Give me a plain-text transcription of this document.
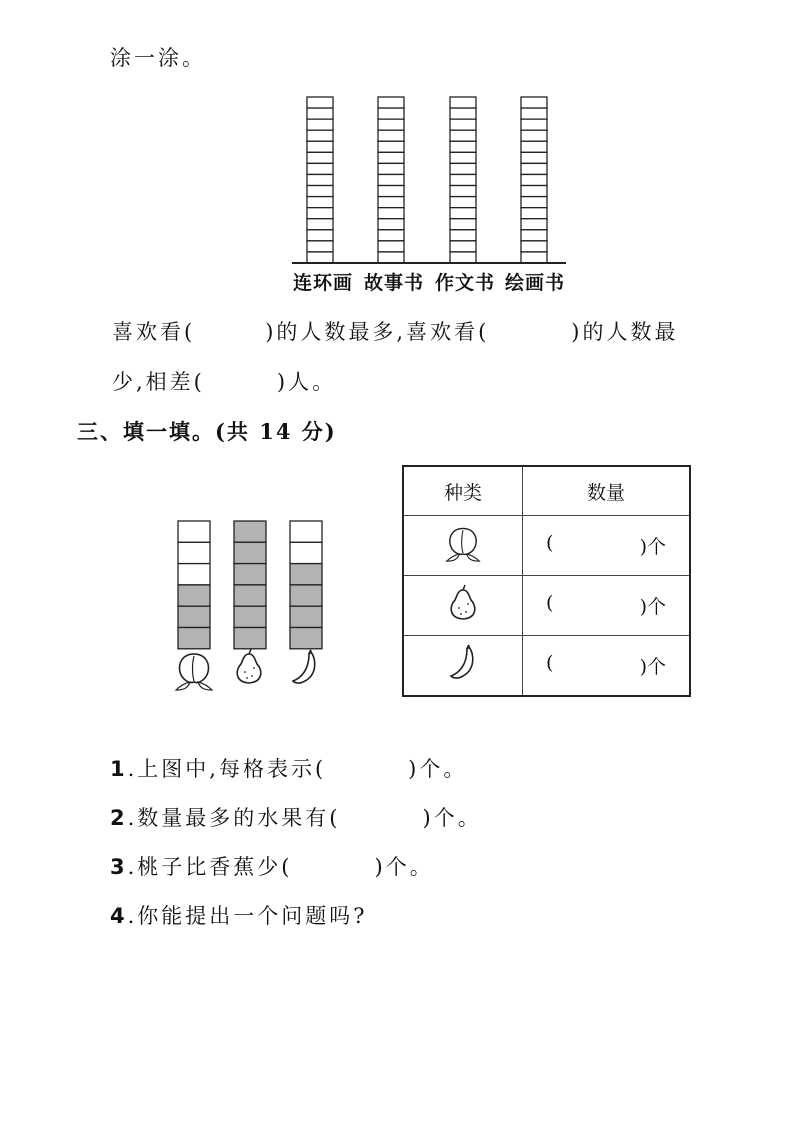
涂一涂。
连环画 故事书 作文书 绘画书
喜欢看(	)的人数最多,喜欢看(	)的人数最
少,相差(	)人。
三、填一填。(共 14 分)
种类	数量

( )个

( )个

( )个
1.上图中,每格表示(	)个。
2.数量最多的水果有(	)个。
3.桃子比香蕉少(	)个。
4.你能提出一个问题吗?
